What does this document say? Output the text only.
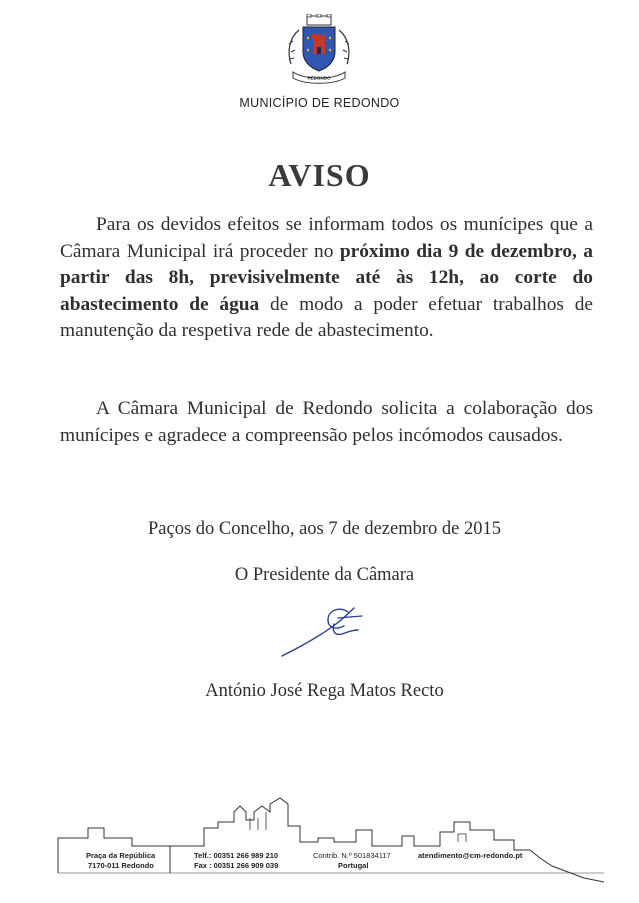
REDONDO
MUNICÍPIO DE REDONDO
AVISO

Para os devidos efeitos se informam todos os munícipes que a Câmara Municipal irá proceder no próximo dia 9 de dezembro, a partir das 8h, previsivelmente até às 12h, ao corte do abastecimento de água de modo a poder efetuar trabalhos de manutenção da respetiva rede de abastecimento.

A Câmara Municipal de Redondo solicita a colaboração dos munícipes e agradece a compreensão pelos incómodos causados.

Paços do Concelho, aos 7 de dezembro de 2015
O Presidente da Câmara
António José Rega Matos Recto
Praça da República
7170-011 Redondo
Telf.: 00351 266 989 210
Fax : 00351 266 909 039
Contrib. N.º 501834117
Portugal
atendimento@cm-redondo.pt
